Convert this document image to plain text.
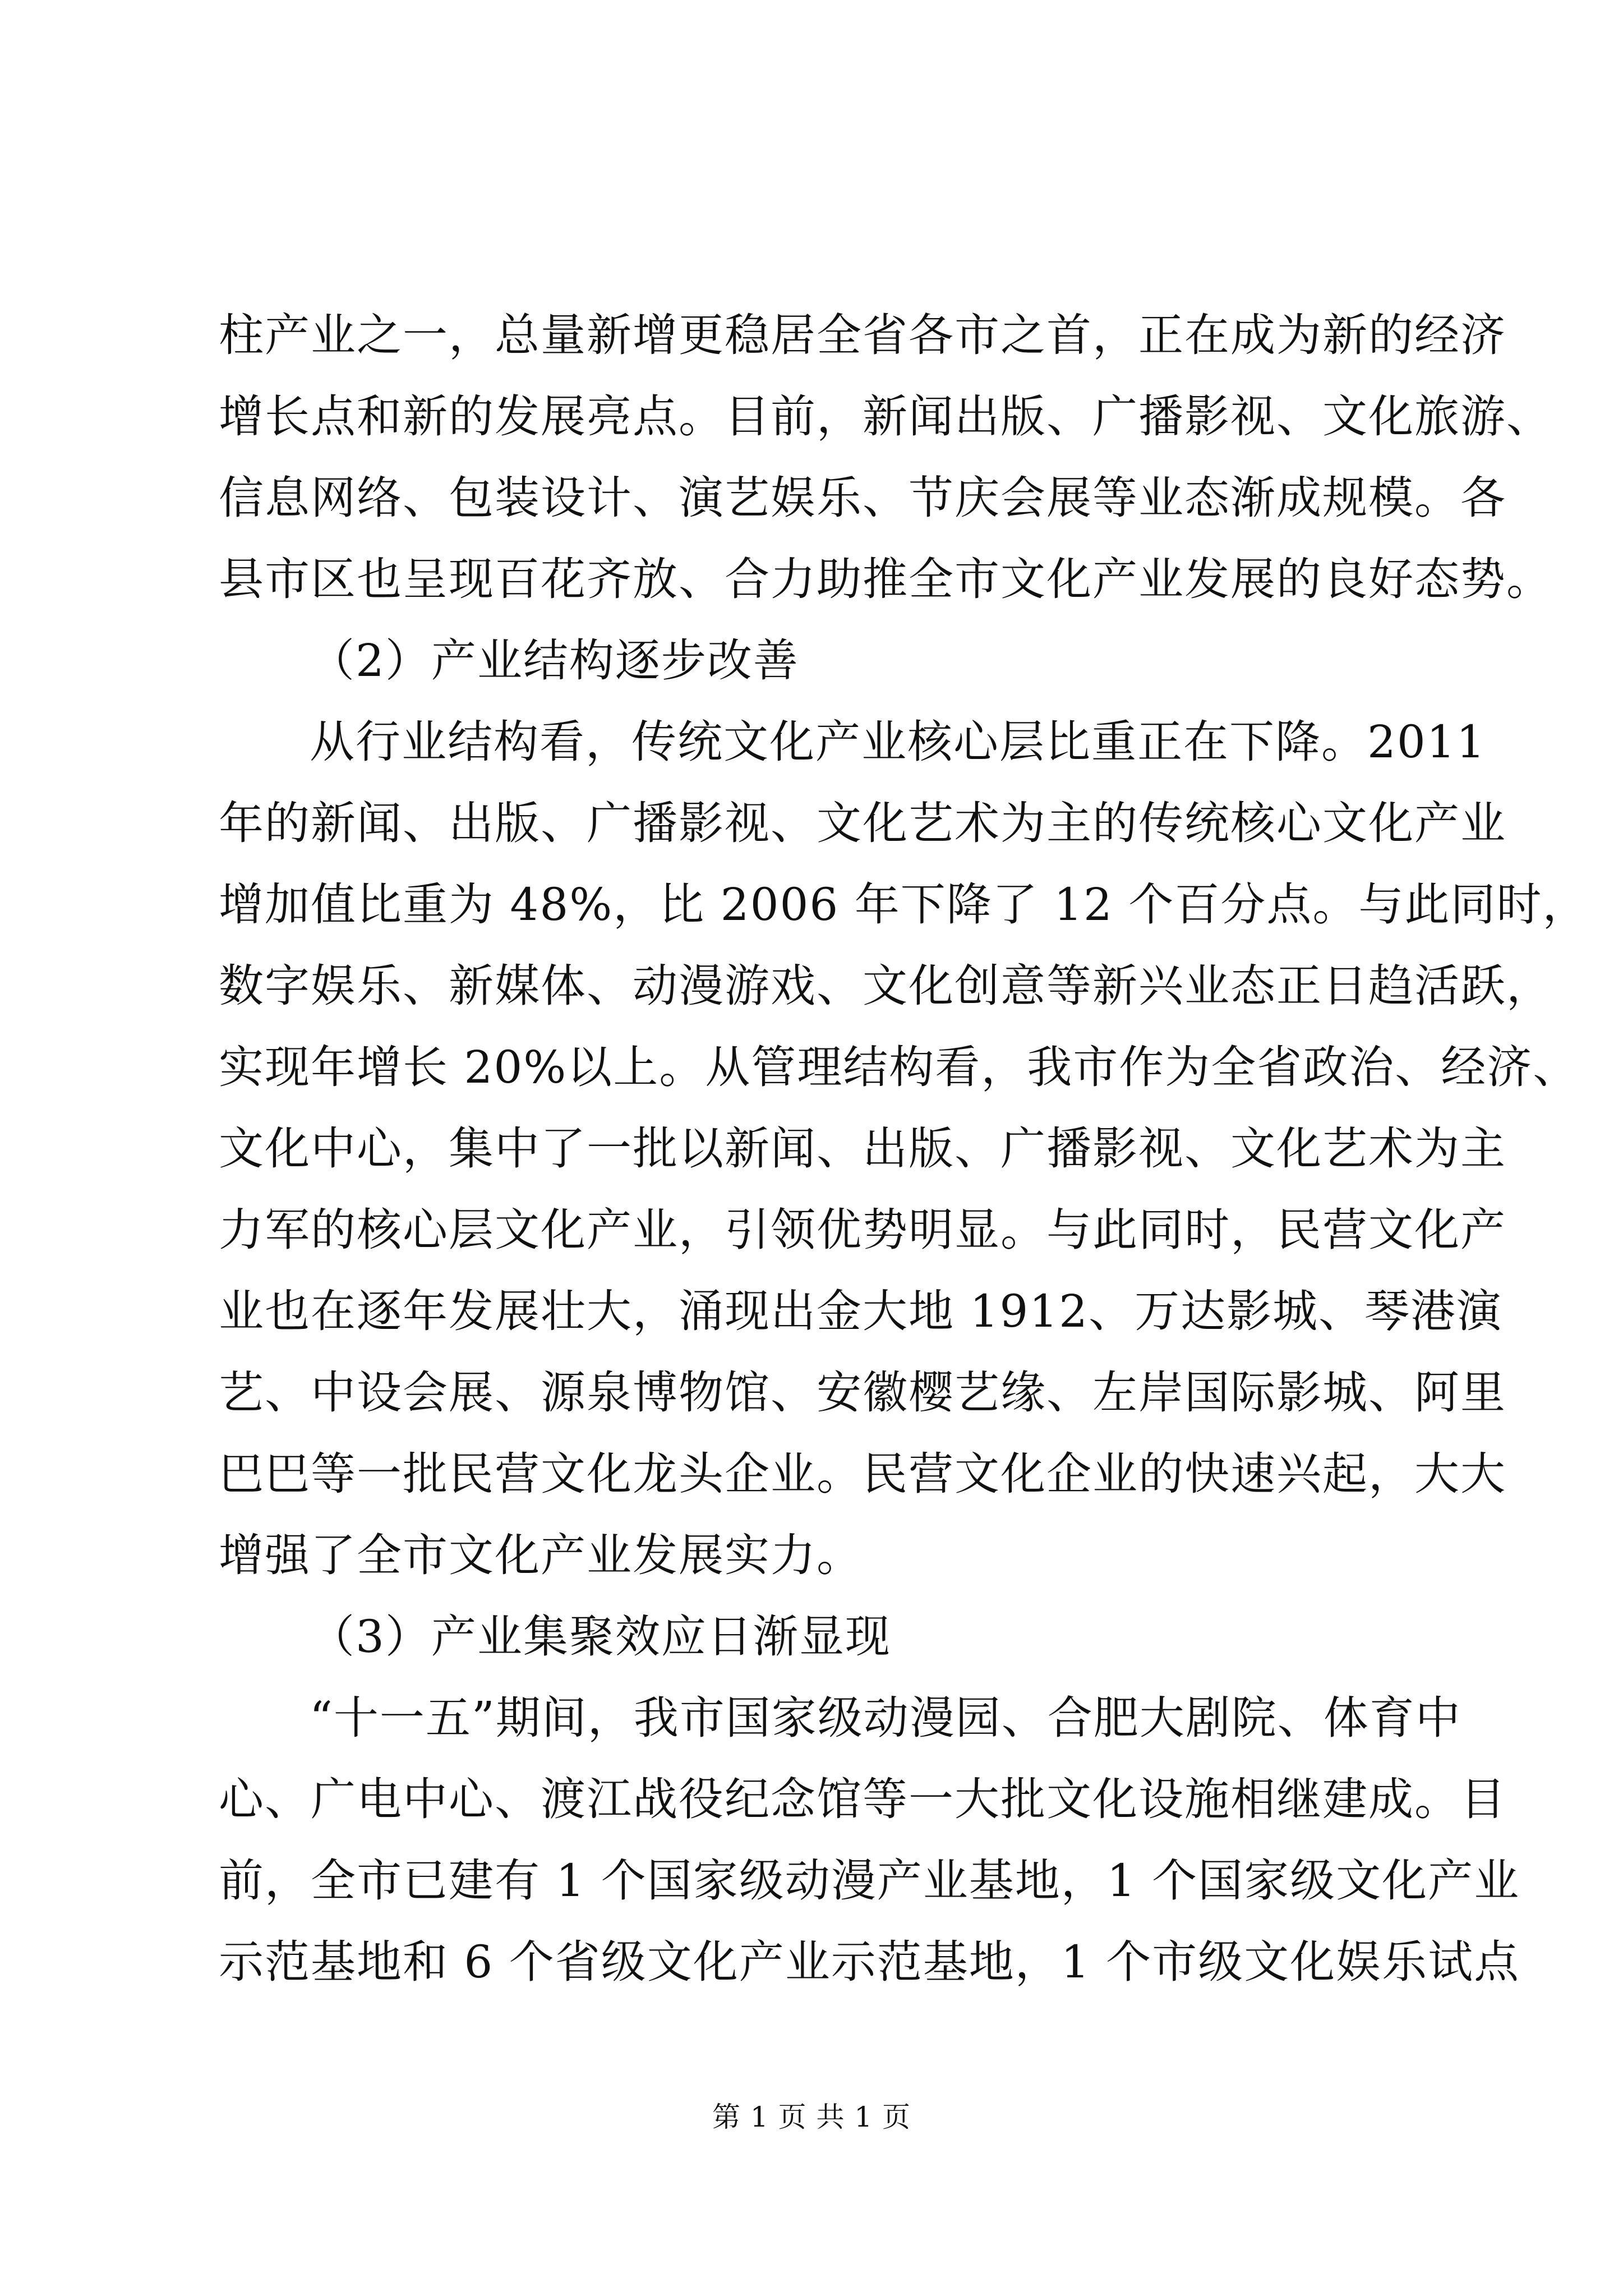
柱产业之一，总量新增更稳居全省各市之首，正在成为新的经济
增长点和新的发展亮点。目前，新闻出版、广播影视、文化旅游、
信息网络、包装设计、演艺娱乐、节庆会展等业态渐成规模。各
县市区也呈现百花齐放、合力助推全市文化产业发展的良好态势。
（2）产业结构逐步改善
从行业结构看，传统文化产业核心层比重正在下降。2011
年的新闻、出版、广播影视、文化艺术为主的传统核心文化产业
增加值比重为 48%，比 2006 年下降了 12 个百分点。与此同时，
数字娱乐、新媒体、动漫游戏、文化创意等新兴业态正日趋活跃，
实现年增长 20%以上。从管理结构看，我市作为全省政治、经济、
文化中心，集中了一批以新闻、出版、广播影视、文化艺术为主
力军的核心层文化产业，引领优势明显。与此同时，民营文化产
业也在逐年发展壮大，涌现出金大地 1912、万达影城、琴港演
艺、中设会展、源泉博物馆、安徽樱艺缘、左岸国际影城、阿里
巴巴等一批民营文化龙头企业。民营文化企业的快速兴起，大大
增强了全市文化产业发展实力。
（3）产业集聚效应日渐显现
“十一五”期间，我市国家级动漫园、合肥大剧院、体育中
心、广电中心、渡江战役纪念馆等一大批文化设施相继建成。目
前，全市已建有 1 个国家级动漫产业基地，1 个国家级文化产业
示范基地和 6 个省级文化产业示范基地，1 个市级文化娱乐试点
第 1 页 共 1 页
